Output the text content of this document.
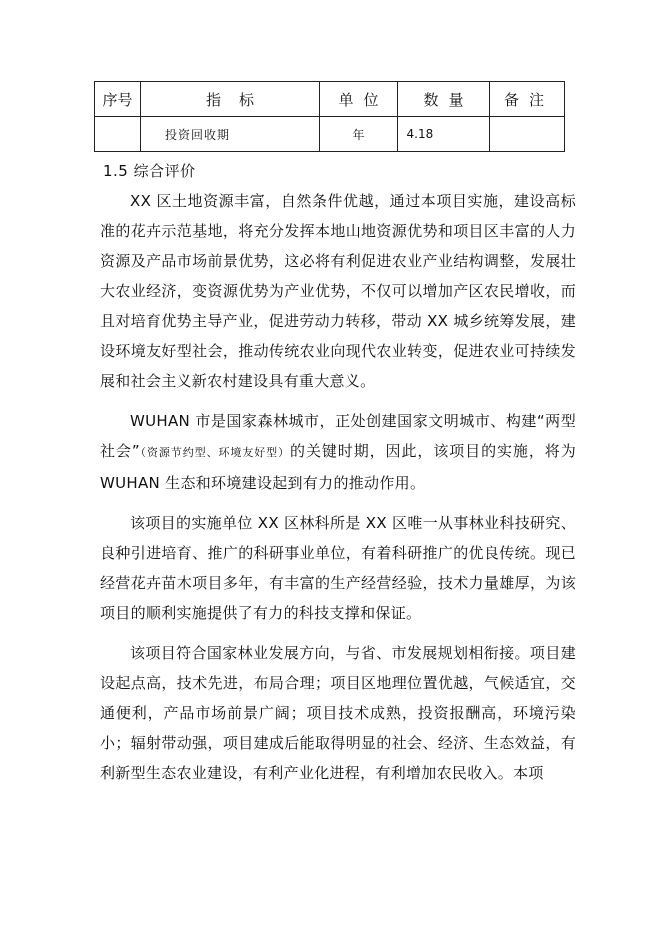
序号	指标	单位	数量	备注
	投资回收期	年	4.18	
1.5 综合评价

XX 区土地资源丰富，自然条件优越，通过本项目实施，建设高标准的花卉示范基地，将充分发挥本地山地资源优势和项目区丰富的人力资源及产品市场前景优势，这必将有利促进农业产业结构调整，发展壮大农业经济，变资源优势为产业优势，不仅可以增加产区农民增收，而且对培育优势主导产业，促进劳动力转移，带动 XX 城乡统筹发展，建设环境友好型社会，推动传统农业向现代农业转变，促进农业可持续发展和社会主义新农村建设具有重大意义。

WUHAN 市是国家森林城市，正处创建国家文明城市、构建“两型社会”（资源节约型、环境友好型）的关键时期，因此，该项目的实施，将为 WUHAN 生态和环境建设起到有力的推动作用。

该项目的实施单位 XX 区林科所是 XX 区唯一从事林业科技研究、良种引进培育、推广的科研事业单位，有着科研推广的优良传统。现已经营花卉苗木项目多年，有丰富的生产经营经验，技术力量雄厚，为该项目的顺利实施提供了有力的科技支撑和保证。

该项目符合国家林业发展方向，与省、市发展规划相衔接。项目建设起点高，技术先进，布局合理；项目区地理位置优越，气候适宜，交通便利，产品市场前景广阔；项目技术成熟，投资报酬高，环境污染小；辐射带动强，项目建成后能取得明显的社会、经济、生态效益，有利新型生态农业建设，有利产业化进程，有利增加农民收入。本项
